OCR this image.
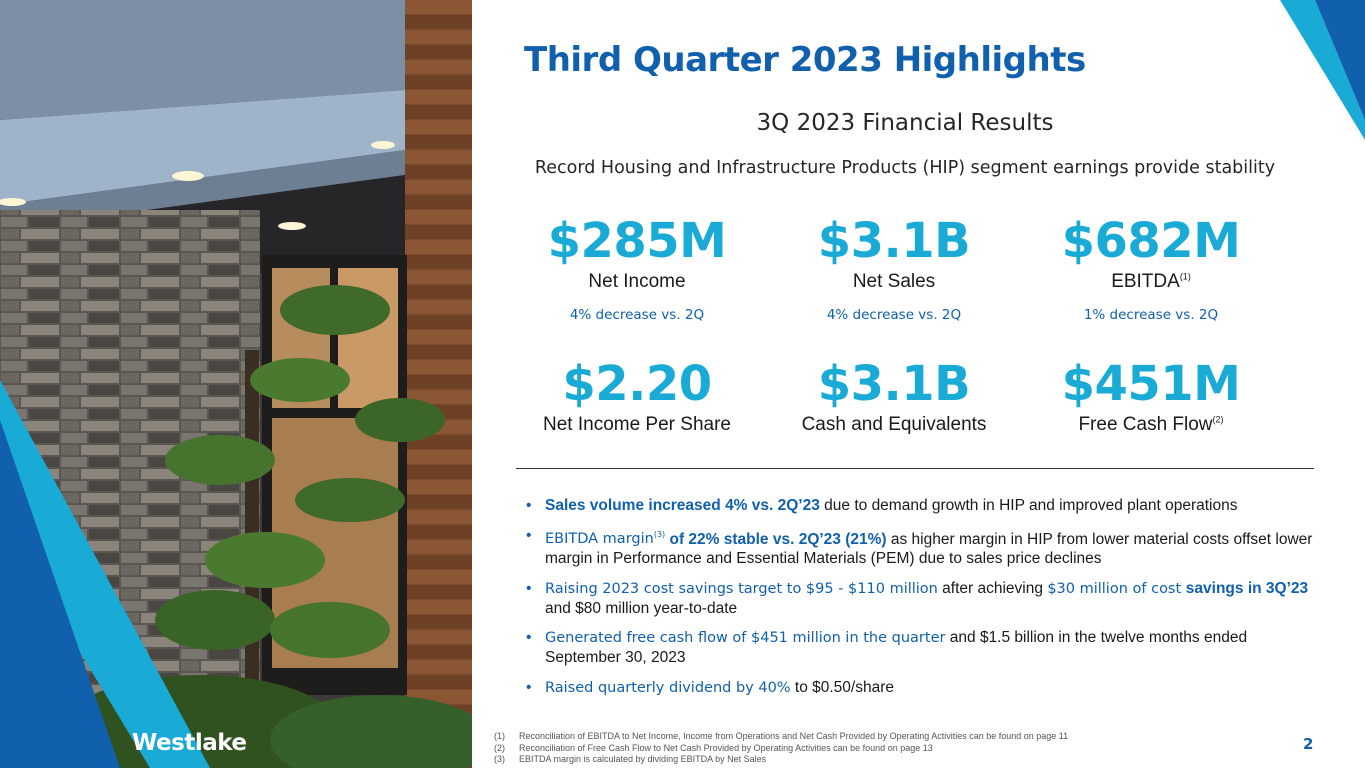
Westlake
Third Quarter 2023 Highlights
3Q 2023 Financial Results
Record Housing and Infrastructure Products (HIP) segment earnings provide stability
$285M
Net Income
4% decrease vs. 2Q
$3.1B
Net Sales
4% decrease vs. 2Q
$682M
EBITDA$^{(1)}$
1% decrease vs. 2Q
$2.20
Net Income Per Share
$3.1B
Cash and Equivalents
$451M
Free Cash Flow$^{(2)}$
• Sales volume increased 4% vs. 2Q’23 due to demand growth in HIP and improved plant operations
• EBITDA margin$^{(3)}$ of 22% stable vs. 2Q’23 (21%) as higher margin in HIP from lower material costs offset lower margin in Performance and Essential Materials (PEM) due to sales price declines
• Raising 2023 cost savings target to $95 - $110 million after achieving $30 million of cost savings in 3Q’23 and $80 million year-to-date
• Generated free cash flow of $451 million in the quarter and $1.5 billion in the twelve months ended September 30, 2023
• Raised quarterly dividend by 40% to $0.50/share
(1) Reconciliation of EBITDA to Net Income, Income from Operations and Net Cash Provided by Operating Activities can be found on page 11
(2) Reconciliation of Free Cash Flow to Net Cash Provided by Operating Activities can be found on page 13
(3) EBITDA margin is calculated by dividing EBITDA by Net Sales
2
